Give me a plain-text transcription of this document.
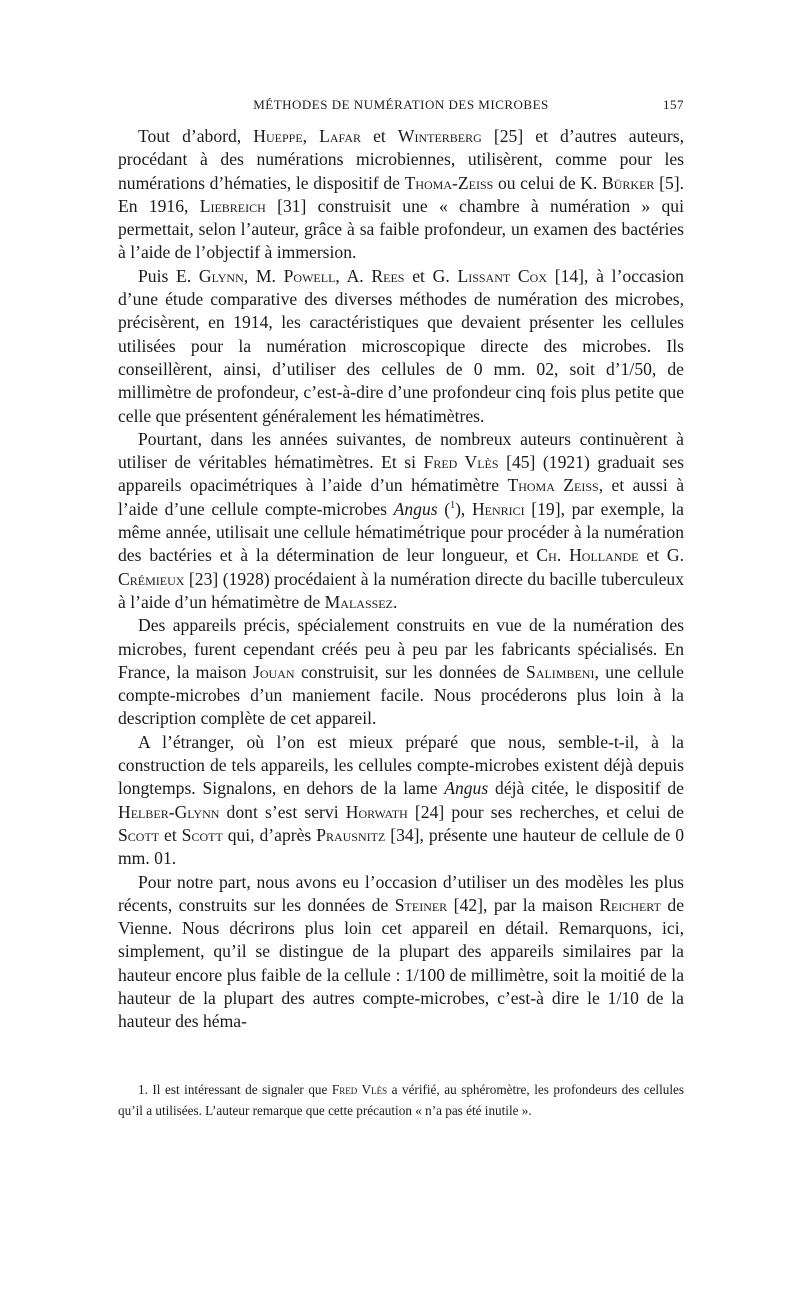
MÉTHODES DE NUMÉRATION DES MICROBES	157

Tout d’abord, Hueppe, Lafar et Winterberg [25] et d’autres auteurs, procédant à des numérations microbiennes, utilisèrent, comme pour les numérations d’hématies, le dispositif de Thoma-Zeiss ou celui de K. Bürker [5]. En 1916, Liebreich [31] construisit une « chambre à numération » qui permettait, selon l’auteur, grâce à sa faible profondeur, un examen des bactéries à l’aide de l’objectif à immersion.

Puis E. Glynn, M. Powell, A. Rees et G. Lissant Cox [14], à l’occasion d’une étude comparative des diverses méthodes de numération des microbes, précisèrent, en 1914, les caractéristiques que devaient présenter les cellules utilisées pour la numération microscopique directe des microbes. Ils conseillèrent, ainsi, d’utiliser des cellules de 0 mm. 02, soit d’1/50, de millimètre de profondeur, c’est-à-dire d’une profondeur cinq fois plus petite que celle que présentent généralement les hématimètres.

Pourtant, dans les années suivantes, de nombreux auteurs continuèrent à utiliser de véritables hématimètres. Et si Fred Vlès [45] (1921) graduait ses appareils opacimétriques à l’aide d’un hématimètre Thoma Zeiss, et aussi à l’aide d’une cellule compte-microbes Angus ($^1$), Henrici [19], par exemple, la même année, utilisait une cellule hématimétrique pour procéder à la numération des bactéries et à la détermination de leur longueur, et Ch. Hollande et G. Crémieux [23] (1928) procédaient à la numération directe du bacille tuberculeux à l’aide d’un hématimètre de Malassez.

Des appareils précis, spécialement construits en vue de la numération des microbes, furent cependant créés peu à peu par les fabricants spécialisés. En France, la maison Jouan construisit, sur les données de Salimbeni, une cellule compte-microbes d’un maniement facile. Nous procéderons plus loin à la description complète de cet appareil.

A l’étranger, où l’on est mieux préparé que nous, semble-t-il, à la construction de tels appareils, les cellules compte-microbes existent déjà depuis longtemps. Signalons, en dehors de la lame Angus déjà citée, le dispositif de Helber-Glynn dont s’est servi Horwath [24] pour ses recherches, et celui de Scott et Scott qui, d’après Prausnitz [34], présente une hauteur de cellule de 0 mm. 01.

Pour notre part, nous avons eu l’occasion d’utiliser un des modèles les plus récents, construits sur les données de Steiner [42], par la maison Reichert de Vienne. Nous décrirons plus loin cet appareil en détail. Remarquons, ici, simplement, qu’il se distingue de la plupart des appareils similaires par la hauteur encore plus faible de la cellule : 1/100 de millimètre, soit la moitié de la hauteur de la plupart des autres compte-microbes, c’est-à dire le 1/10 de la hauteur des héma-

1. Il est intéressant de signaler que Fred Vlès a vérifié, au sphéromètre, les profondeurs des cellules qu’il a utilisées. L’auteur remarque que cette précaution « n’a pas été inutile ».
